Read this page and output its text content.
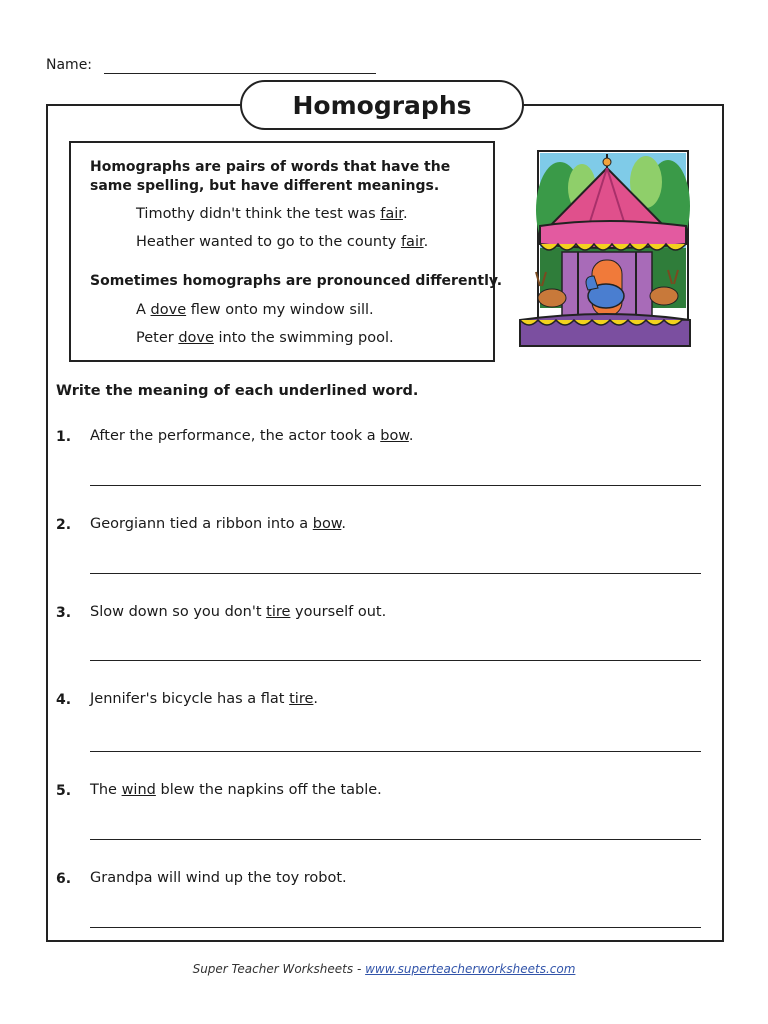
Name:
Homographs
Homographs are pairs of words that have the
same spelling, but have different meanings.
Timothy didn't think the test was fair.
Heather wanted to go to the county fair.
Sometimes homographs are pronounced differently.
A dove flew onto my window sill.
Peter dove into the swimming pool.
Write the meaning of each underlined word.
1. After the performance, the actor took a bow.
2. Georgiann tied a ribbon into a bow.
3. Slow down so you don't tire yourself out.
4. Jennifer's bicycle has a flat tire.
5. The wind blew the napkins off the table.
6. Grandpa will wind up the toy robot.
Super Teacher Worksheets - www.superteacherworksheets.com
